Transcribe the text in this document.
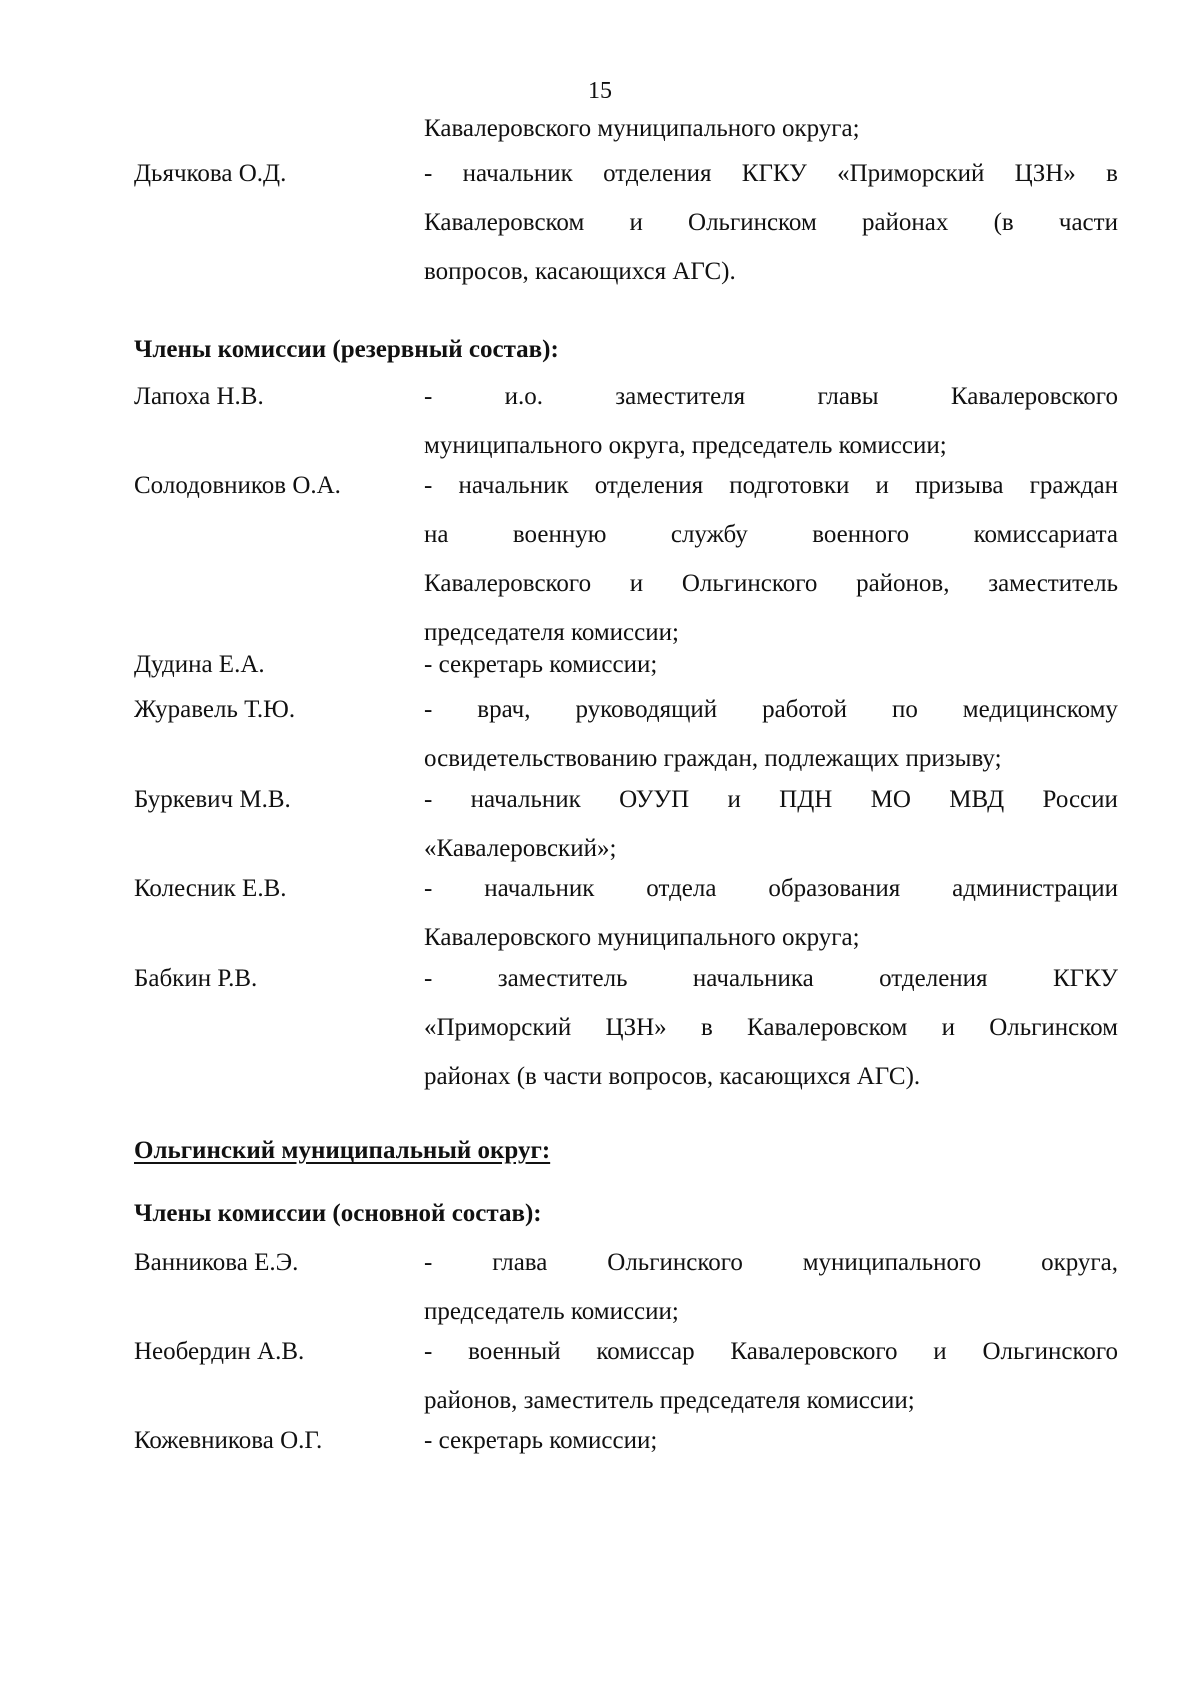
15
Кавалеровского муниципального округа;
Дьячкова О.Д.	- начальник отделения КГКУ «Приморский ЦЗН» в
Кавалеровском и Ольгинском районах (в части
вопросов, касающихся АГС).
Члены комиссии (резервный состав):
Лапоха Н.В.	-	и.о.	заместителя	главы	Кавалеровского
муниципального округа, председатель комиссии;
Солодовников О.А.	- начальник отделения подготовки и призыва граждан
на	военную	службу	военного	комиссариата
Кавалеровского и Ольгинского районов, заместитель
председателя комиссии;
Дудина Е.А.	- секретарь комиссии;
Журавель Т.Ю.	- врач, руководящий работой по медицинскому
освидетельствованию граждан, подлежащих призыву;
Буркевич М.В.	- начальник ОУУП и ПДН МО МВД России
«Кавалеровский»;
Колесник Е.В.	- начальник отдела образования администрации
Кавалеровского муниципального округа;
Бабкин Р.В.	-	заместитель	начальника	отделения	КГКУ
«Приморский ЦЗН» в Кавалеровском и Ольгинском
районах (в части вопросов, касающихся АГС).
Ольгинский муниципальный округ:
Члены комиссии (основной состав):
Ванникова Е.Э.	- глава Ольгинского муниципального округа,
председатель комиссии;
Необердин А.В.	- военный комиссар Кавалеровского и Ольгинского
районов, заместитель председателя комиссии;
Кожевникова О.Г.	- секретарь комиссии;
